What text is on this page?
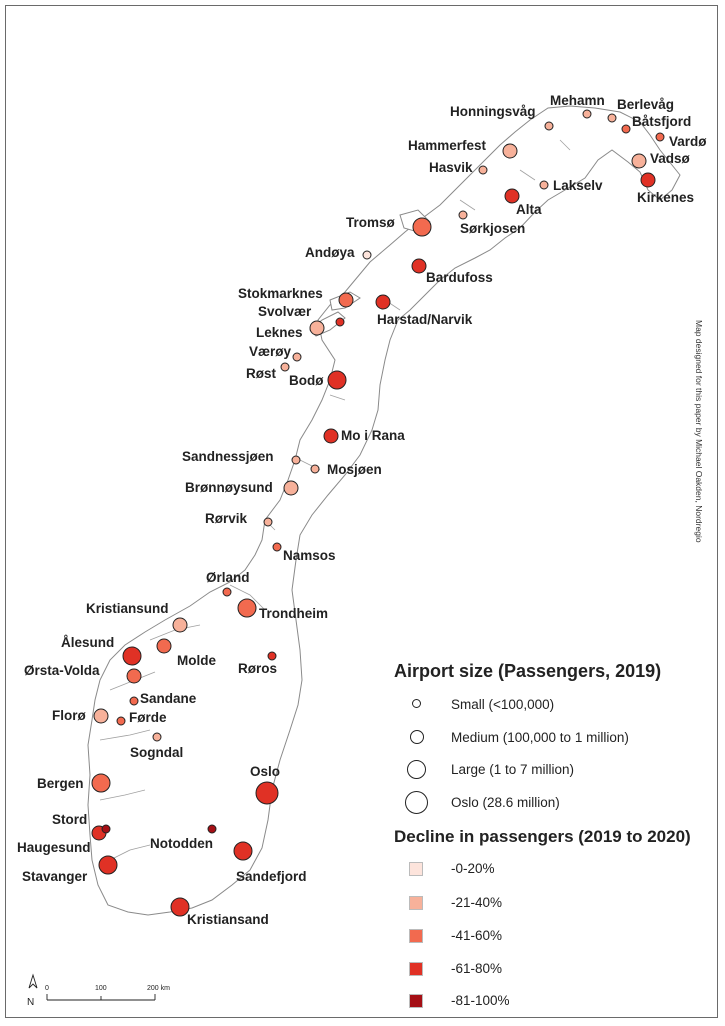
Honningsvåg
Mehamn Berlevåg
Båtsfjord
Vardø
Vadsø
Kirkenes
Hammerfest
Hasvik
Lakselv
Alta
Sørkjosen
Tromsø
Andøya
Bardufoss
Stokmarknes
Svolvær
Harstad/Narvik
Leknes
Værøy
Røst Bodø
Mo i Rana
Sandnessjøen
Mosjøen
Brønnøysund
Rørvik
Namsos
Ørland
Kristiansund	Trondheim
Ålesund
Molde
Ørsta-Volda	Røros
Sandane
Florø	Førde
Sogndal
Bergen
Oslo
Stord
Haugesund	Notodden
Stavanger	Sandefjord
Kristiansand
N
0	100	200 km
Map designed for this paper by Michael Oakden, Nordregio
Airport size (Passengers, 2019)
Small (<100,000)
Medium (100,000 to 1 million)
Large (1 to 7 million)
Oslo (28.6 million)
Decline in passengers (2019 to 2020)
-0-20%
-21-40%
-41-60%
-61-80%
-81-100%
